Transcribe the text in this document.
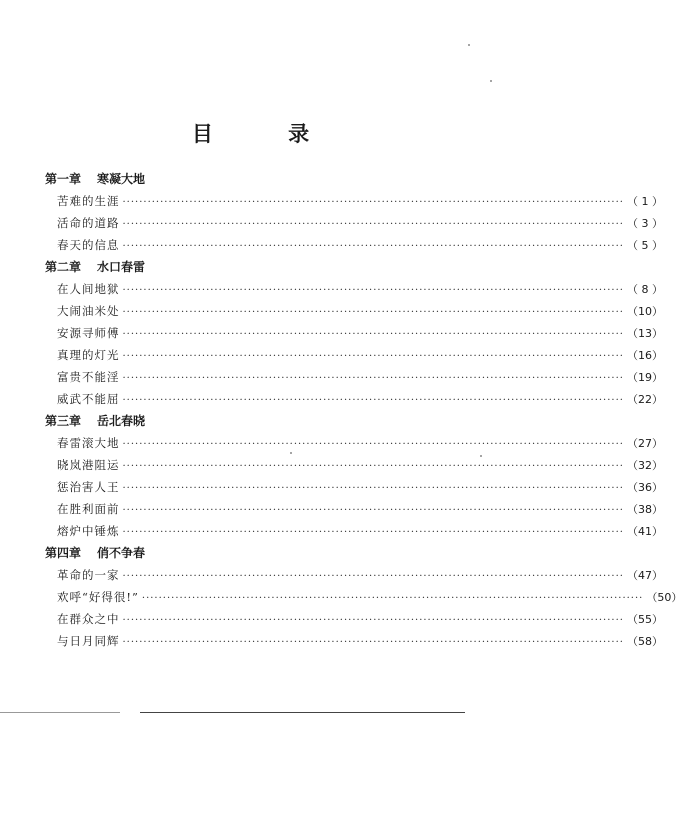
目 录
第一章 寒凝大地
苦难的生涯 ························································································································ （ 1 ）
活命的道路 ························································································································ （ 3 ）
春天的信息 ························································································································ （ 5 ）
第二章 水口春雷
在人间地狱 ························································································································ （ 8 ）
大闹油米处 ························································································································ （10）
安源寻师傅 ························································································································ （13）
真理的灯光 ························································································································ （16）
富贵不能淫 ························································································································ （19）
威武不能屈 ························································································································ （22）
第三章 岳北春晓
春雷滚大地 ························································································································ （27）
晓岚港阻运 ························································································································ （32）
惩治害人王 ························································································································ （36）
在胜利面前 ························································································································ （38）
熔炉中锤炼 ························································································································ （41）
第四章 俏不争春
革命的一家 ························································································································ （47）
欢呼“好得很!” ························································································································ （50）
在群众之中 ························································································································ （55）
与日月同辉 ························································································································ （58）
